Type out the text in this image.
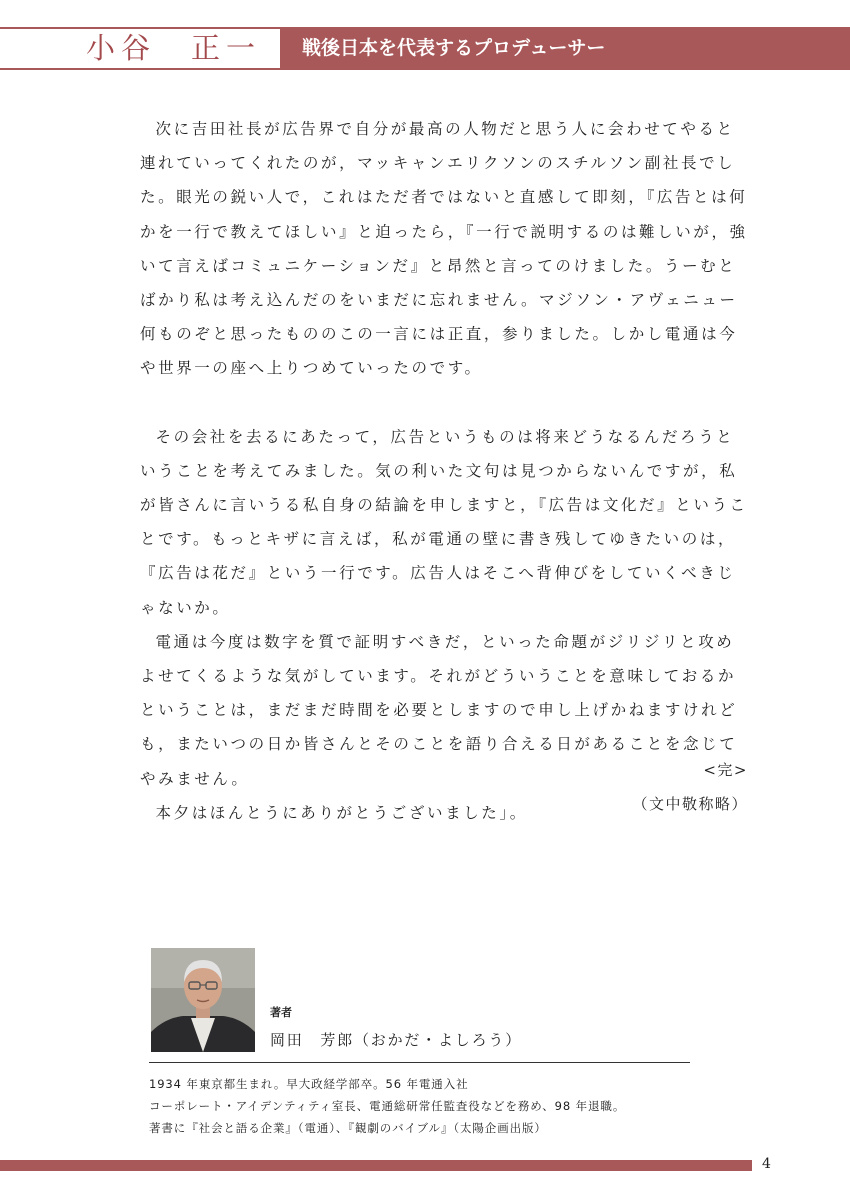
小谷　正一 戦後日本を代表するプロデューサー

次に吉田社長が広告界で自分が最高の人物だと思う人に会わせてやると連れていってくれたのが，マッキャンエリクソンのスチルソン副社長でした。眼光の鋭い人で，これはただ者ではないと直感して即刻，『広告とは何かを一行で教えてほしい』と迫ったら，『一行で説明するのは難しいが，強いて言えばコミュニケーションだ』と昂然と言ってのけました。うーむとばかり私は考え込んだのをいまだに忘れません。マジソン・アヴェニュー何ものぞと思ったもののこの一言には正直，参りました。しかし電通は今や世界一の座へ上りつめていったのです。

その会社を去るにあたって，広告というものは将来どうなるんだろうということを考えてみました。気の利いた文句は見つからないんですが，私が皆さんに言いうる私自身の結論を申しますと，『広告は文化だ』ということです。もっとキザに言えば，私が電通の壁に書き残してゆきたいのは，『広告は花だ』という一行です。広告人はそこへ背伸びをしていくべきじゃないか。

電通は今度は数字を質で証明すべきだ，といった命題がジリジリと攻めよせてくるような気がしています。それがどういうことを意味しておるかということは，まだまだ時間を必要としますので申し上げかねますけれども，またいつの日か皆さんとそのことを語り合える日があることを念じてやみません。

本夕はほんとうにありがとうございました」。

<完>
（文中敬称略）
著者
岡田　芳郎（おかだ・よしろう）
1934 年東京都生まれ。早大政経学部卒。56 年電通入社
コーポレート・アイデンティティ室長、電通総研常任監査役などを務め、98 年退職。
著書に『社会と語る企業』（電通）、『観劇のバイブル』（太陽企画出版）
4
